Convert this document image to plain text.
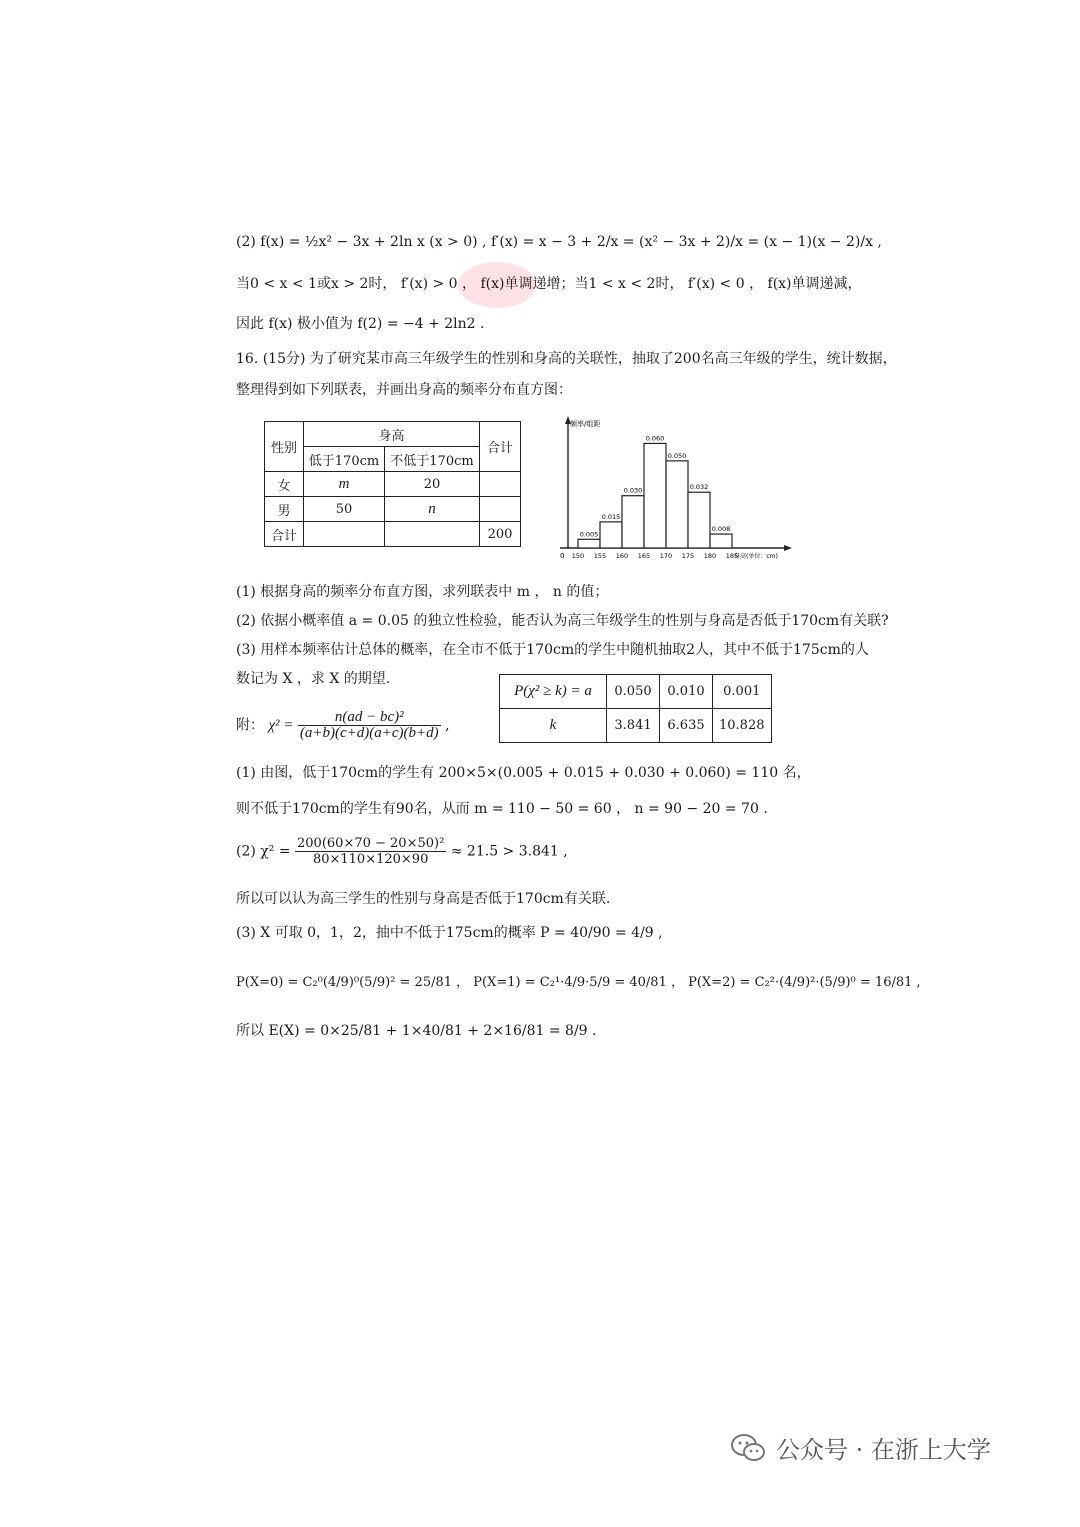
(2) f(x) = ½x² − 3x + 2ln x (x > 0) , f′(x) = x − 3 + 2/x = (x² − 3x + 2)/x = (x − 1)(x − 2)/x ,
当0 < x < 1或x > 2时， f′(x) > 0 ， f(x)单调递增；当1 < x < 2时， f′(x) < 0 ， f(x)单调递减，
因此 f(x) 极小值为 f(2) = −4 + 2ln2 .
16. (15分) 为了研究某市高三年级学生的性别和身高的关联性，抽取了200名高三年级的学生，统计数据，
整理得到如下列联表，并画出身高的频率分布直方图：
性别	身高		合计
	低于170cm	不低于170cm	
女	m	20	
男	50	n	
合计			200
频率/组距
0	身高(单位：cm)
0.005
0.015
0.030
0.060
0.050
0.032
0.008
150 155 160 165 170 175 180 185
(1) 根据身高的频率分布直方图，求列联表中 m ， n 的值；
(2) 依据小概率值 a = 0.05 的独立性检验，能否认为高三年级学生的性别与身高是否低于170cm有关联?
(3) 用样本频率估计总体的概率，在全市不低于170cm的学生中随机抽取2人，其中不低于175cm的人
数记为 X ，求 X 的期望.
附： $\chi^2 = \frac{\text{n(ad − bc)²}}{(a+b)(c+d)(a+c)(b+d)}$ ,
P(χ² ≥ k) = a	0.050	0.010	0.001
k	3.841	6.635	10.828
(1) 由图，低于170cm的学生有 200×5×(0.005 + 0.015 + 0.030 + 0.060) = 110 名，
则不低于170cm的学生有90名，从而 m = 110 − 50 = 60 ， n = 90 − 20 = 70 .
(2) $\chi^2 = \frac{\text{200(60×70 − 20×50)²}}{80\times 110\times 120\times 90} \approx 21.5 > 3.841$ ,
所以可以认为高三学生的性别与身高是否低于170cm有关联.
(3) X 可取 0，1，2，抽中不低于175cm的概率 P = 40/90 = 4/9 ,
P(X=0) = C₂⁰(4/9)⁰(5/9)² = 25/81 ， P(X=1) = C₂¹·4/9·5/9 = 40/81 ， P(X=2) = C₂²·(4/9)²·(5/9)⁰ = 16/81 ,
所以 E(X) = 0×25/81 + 1×40/81 + 2×16/81 = 8/9 .
公众号 · 在浙上大学
